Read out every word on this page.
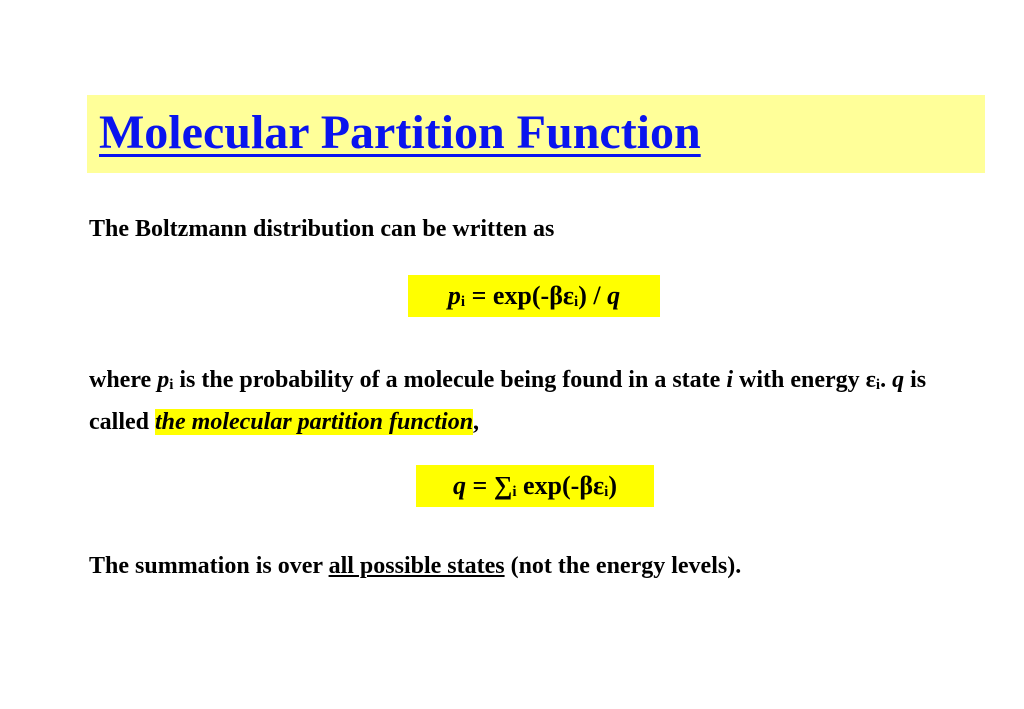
Molecular Partition Function

The Boltzmann distribution can be written as

pi = exp(-βεi) / q

where pi is the probability of a molecule being found in a state i with energy εi. q is called the molecular partition function,

q = ∑i exp(-βεi)

The summation is over all possible states (not the energy levels).
